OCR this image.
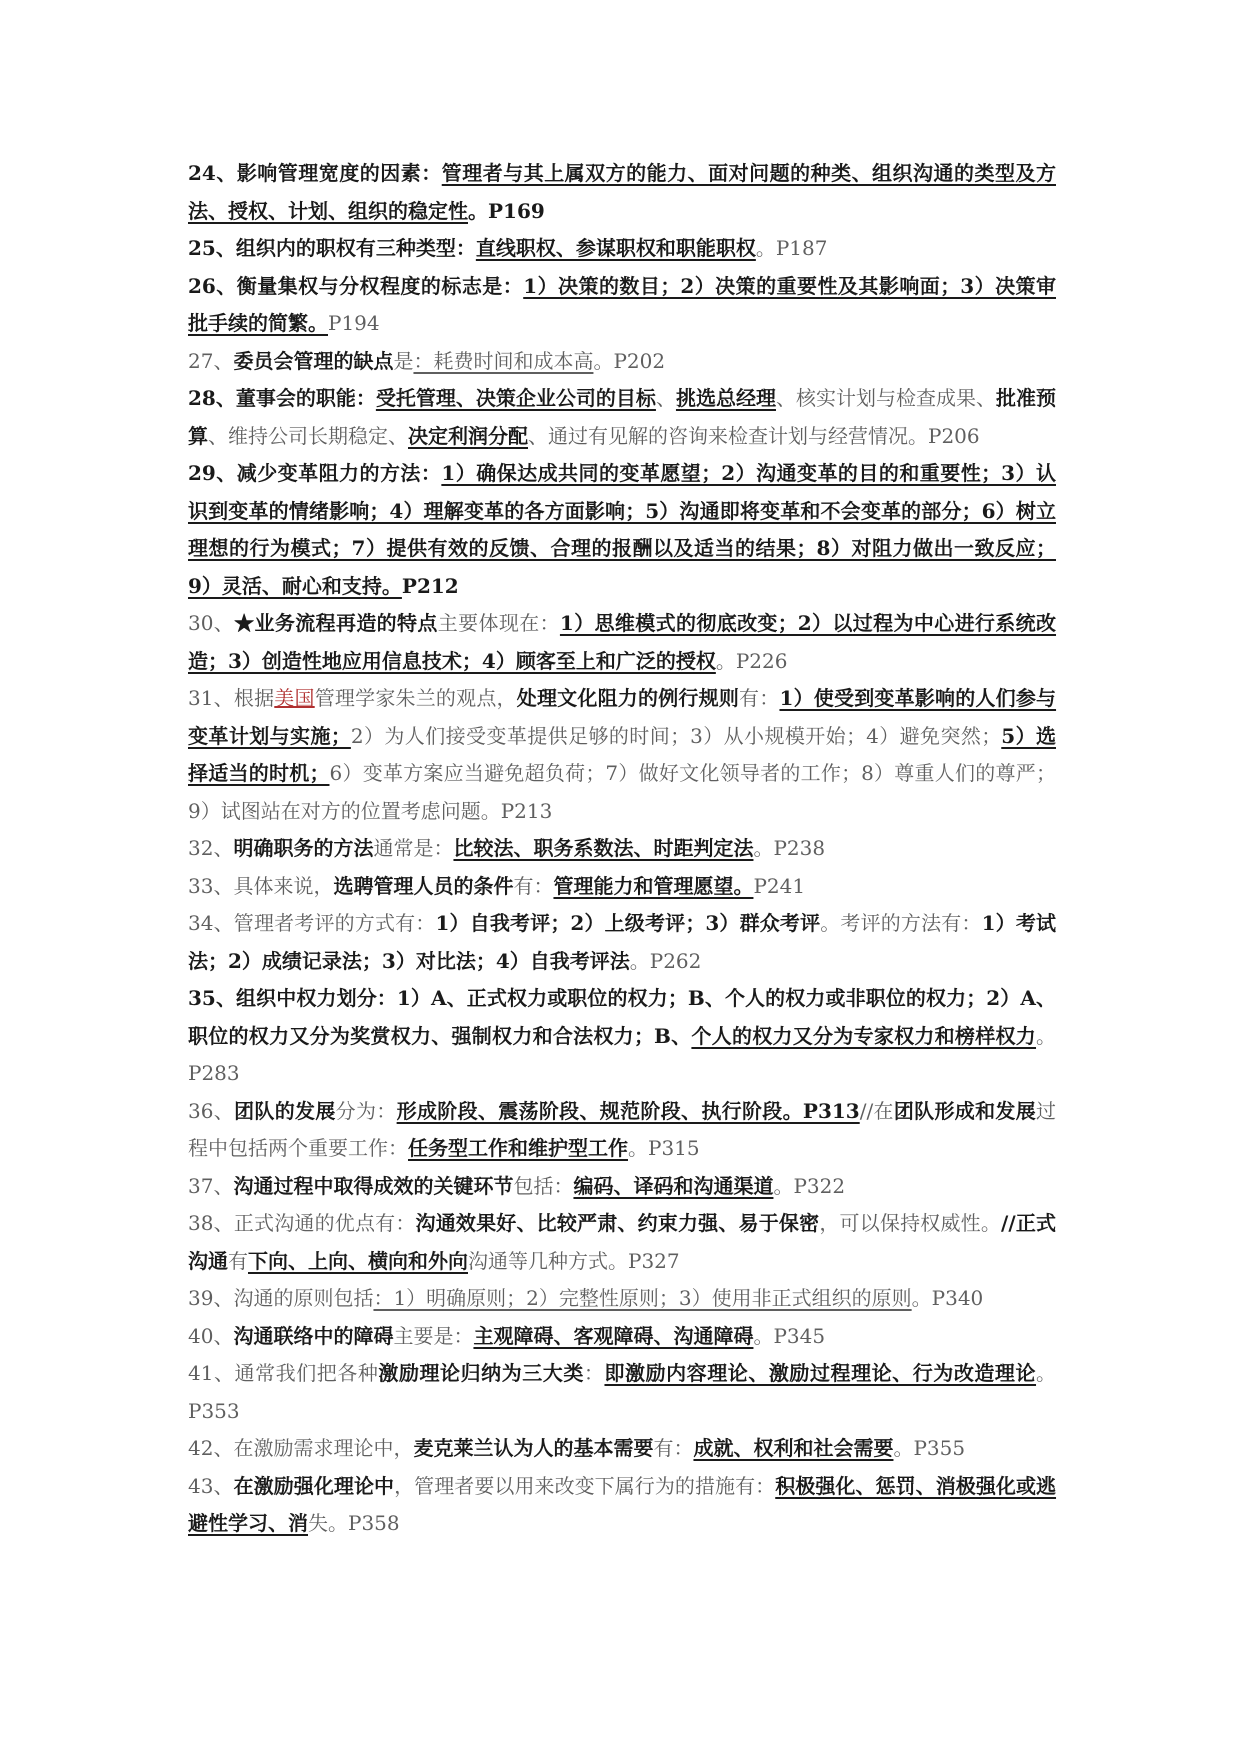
24、影响管理宽度的因素：管理者与其上属双方的能力、面对问题的种类、组织沟通的类型及方法、授权、计划、组织的稳定性。P169

25、组织内的职权有三种类型：直线职权、参谋职权和职能职权。P187

26、衡量集权与分权程度的标志是：1）决策的数目；2）决策的重要性及其影响面；3）决策审批手续的简繁。P194

27、委员会管理的缺点是：耗费时间和成本高。P202

28、董事会的职能：受托管理、决策企业公司的目标、挑选总经理、核实计划与检查成果、批准预算、维持公司长期稳定、决定利润分配、通过有见解的咨询来检查计划与经营情况。P206

29、减少变革阻力的方法：1）确保达成共同的变革愿望；2）沟通变革的目的和重要性；3）认识到变革的情绪影响；4）理解变革的各方面影响；5）沟通即将变革和不会变革的部分；6）树立理想的行为模式；7）提供有效的反馈、合理的报酬以及适当的结果；8）对阻力做出一致反应；9）灵活、耐心和支持。P212

30、★业务流程再造的特点主要体现在：1）思维模式的彻底改变；2）以过程为中心进行系统改造；3）创造性地应用信息技术；4）顾客至上和广泛的授权。P226

31、根据美国管理学家朱兰的观点，处理文化阻力的例行规则有：1）使受到变革影响的人们参与变革计划与实施；2）为人们接受变革提供足够的时间；3）从小规模开始；4）避免突然；5）选择适当的时机；6）变革方案应当避免超负荷；7）做好文化领导者的工作；8）尊重人们的尊严；9）试图站在对方的位置考虑问题。P213

32、明确职务的方法通常是：比较法、职务系数法、时距判定法。P238

33、具体来说，选聘管理人员的条件有：管理能力和管理愿望。P241

34、管理者考评的方式有：1）自我考评；2）上级考评；3）群众考评。考评的方法有：1）考试法；2）成绩记录法；3）对比法；4）自我考评法。P262

35、组织中权力划分：1）A、正式权力或职位的权力；B、个人的权力或非职位的权力；2）A、职位的权力又分为奖赏权力、强制权力和合法权力；B、个人的权力又分为专家权力和榜样权力。P283

36、团队的发展分为：形成阶段、震荡阶段、规范阶段、执行阶段。P313//在团队形成和发展过程中包括两个重要工作：任务型工作和维护型工作。P315

37、沟通过程中取得成效的关键环节包括：编码、译码和沟通渠道。P322

38、正式沟通的优点有：沟通效果好、比较严肃、约束力强、易于保密，可以保持权威性。//正式沟通有下向、上向、横向和外向沟通等几种方式。P327

39、沟通的原则包括：1）明确原则；2）完整性原则；3）使用非正式组织的原则。P340

40、沟通联络中的障碍主要是：主观障碍、客观障碍、沟通障碍。P345

41、通常我们把各种激励理论归纳为三大类：即激励内容理论、激励过程理论、行为改造理论。P353

42、在激励需求理论中，麦克莱兰认为人的基本需要有：成就、权利和社会需要。P355

43、在激励强化理论中，管理者要以用来改变下属行为的措施有：积极强化、惩罚、消极强化或逃避性学习、消失。P358
